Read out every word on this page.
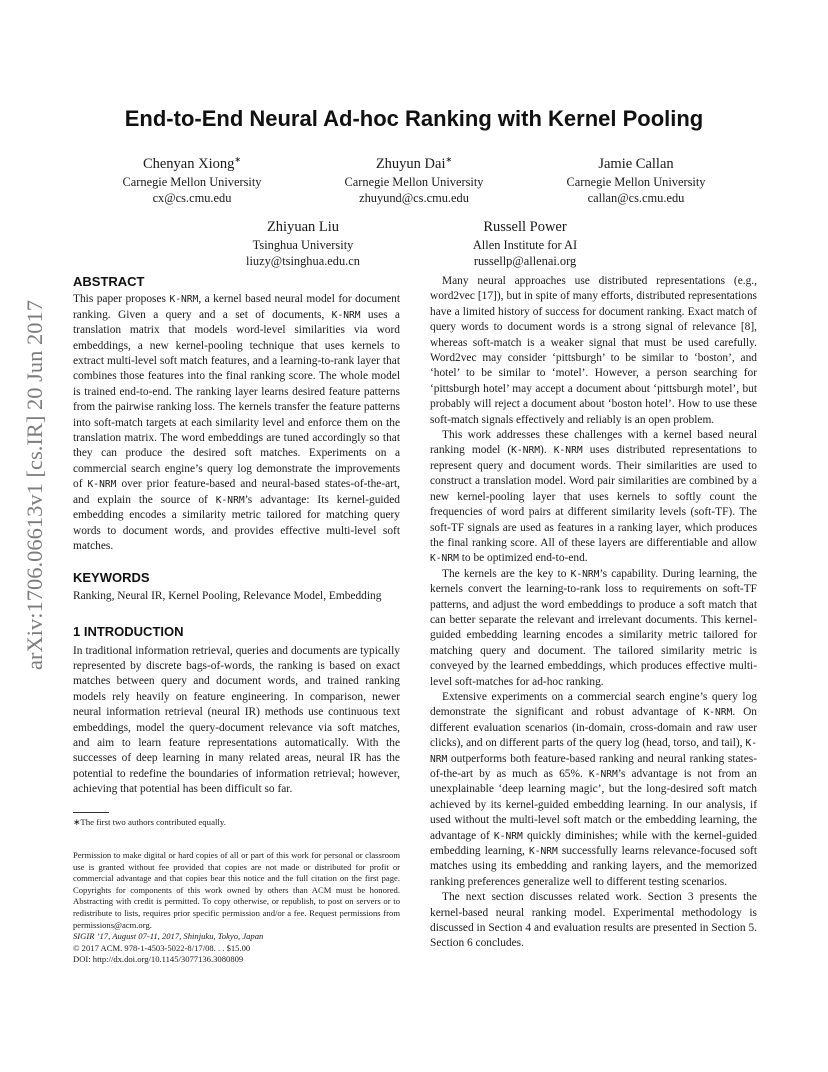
arXiv:1706.06613v1 [cs.IR] 20 Jun 2017
End-to-End Neural Ad-hoc Ranking with Kernel Pooling
Chenyan Xiong∗
Carnegie Mellon University
cx@cs.cmu.edu
Zhuyun Dai∗
Carnegie Mellon University
zhuyund@cs.cmu.edu
Jamie Callan
Carnegie Mellon University
callan@cs.cmu.edu
Zhiyuan Liu
Tsinghua University
liuzy@tsinghua.edu.cn
Russell Power
Allen Institute for AI
russellp@allenai.org
ABSTRACT

This paper proposes K-NRM, a kernel based neural model for document ranking. Given a query and a set of documents, K-NRM uses a translation matrix that models word-level similarities via word embeddings, a new kernel-pooling technique that uses kernels to extract multi-level soft match features, and a learning-to-rank layer that combines those features into the final ranking score. The whole model is trained end-to-end. The ranking layer learns desired feature patterns from the pairwise ranking loss. The kernels transfer the feature patterns into soft-match targets at each similarity level and enforce them on the translation matrix. The word embeddings are tuned accordingly so that they can produce the desired soft matches. Experiments on a commercial search engine’s query log demonstrate the improvements of K-NRM over prior feature-based and neural-based states-of-the-art, and explain the source of K-NRM’s advantage: Its kernel-guided embedding encodes a similarity metric tailored for matching query words to document words, and provides effective multi-level soft matches.

KEYWORDS

Ranking, Neural IR, Kernel Pooling, Relevance Model, Embedding

1 INTRODUCTION

In traditional information retrieval, queries and documents are typically represented by discrete bags-of-words, the ranking is based on exact matches between query and document words, and trained ranking models rely heavily on feature engineering. In comparison, newer neural information retrieval (neural IR) methods use continuous text embeddings, model the query-document relevance via soft matches, and aim to learn feature representations automatically. With the successes of deep learning in many related areas, neural IR has the potential to redefine the boundaries of information retrieval; however, achieving that potential has been difficult so far.

∗The first two authors contributed equally.

Permission to make digital or hard copies of all or part of this work for personal or classroom use is granted without fee provided that copies are not made or distributed for profit or commercial advantage and that copies bear this notice and the full citation on the first page. Copyrights for components of this work owned by others than ACM must be honored. Abstracting with credit is permitted. To copy otherwise, or republish, to post on servers or to redistribute to lists, requires prior specific permission and/or a fee. Request permissions from permissions@acm.org.

SIGIR ’17, August 07-11, 2017, Shinjuku, Tokyo, Japan

© 2017 ACM. 978-1-4503-5022-8/17/08. . . $15.00

DOI: http://dx.doi.org/10.1145/3077136.3080809

Many neural approaches use distributed representations (e.g., word2vec [17]), but in spite of many efforts, distributed representations have a limited history of success for document ranking. Exact match of query words to document words is a strong signal of relevance [8], whereas soft-match is a weaker signal that must be used carefully. Word2vec may consider ‘pittsburgh’ to be similar to ‘boston’, and ‘hotel’ to be similar to ‘motel’. However, a person searching for ‘pittsburgh hotel’ may accept a document about ‘pittsburgh motel’, but probably will reject a document about ‘boston hotel’. How to use these soft-match signals effectively and reliably is an open problem.

This work addresses these challenges with a kernel based neural ranking model (K-NRM). K-NRM uses distributed representations to represent query and document words. Their similarities are used to construct a translation model. Word pair similarities are combined by a new kernel-pooling layer that uses kernels to softly count the frequencies of word pairs at different similarity levels (soft-TF). The soft-TF signals are used as features in a ranking layer, which produces the final ranking score. All of these layers are differentiable and allow K-NRM to be optimized end-to-end.

The kernels are the key to K-NRM’s capability. During learning, the kernels convert the learning-to-rank loss to requirements on soft-TF patterns, and adjust the word embeddings to produce a soft match that can better separate the relevant and irrelevant documents. This kernel-guided embedding learning encodes a similarity metric tailored for matching query and document. The tailored similarity metric is conveyed by the learned embeddings, which produces effective multi-level soft-matches for ad-hoc ranking.

Extensive experiments on a commercial search engine’s query log demonstrate the significant and robust advantage of K-NRM. On different evaluation scenarios (in-domain, cross-domain and raw user clicks), and on different parts of the query log (head, torso, and tail), K-NRM outperforms both feature-based ranking and neural ranking states-of-the-art by as much as 65%. K-NRM’s advantage is not from an unexplainable ‘deep learning magic’, but the long-desired soft match achieved by its kernel-guided embedding learning. In our analysis, if used without the multi-level soft match or the embedding learning, the advantage of K-NRM quickly diminishes; while with the kernel-guided embedding learning, K-NRM successfully learns relevance-focused soft matches using its embedding and ranking layers, and the memorized ranking preferences generalize well to different testing scenarios.

The next section discusses related work. Section 3 presents the kernel-based neural ranking model. Experimental methodology is discussed in Section 4 and evaluation results are presented in Section 5. Section 6 concludes.
